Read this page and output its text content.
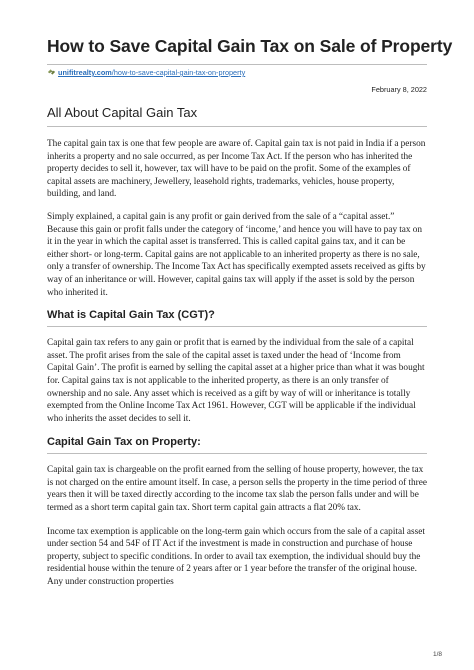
How to Save Capital Gain Tax on Sale of Property
unifitrealty.com/how-to-save-capital-gain-tax-on-property
February 8, 2022
All About Capital Gain Tax

The capital gain tax is one that few people are aware of. Capital gain tax is not paid in India if a person inherits a property and no sale occurred, as per Income Tax Act. If the person who has inherited the property decides to sell it, however, tax will have to be paid on the profit. Some of the examples of capital assets are machinery, Jewellery, leasehold rights, trademarks, vehicles, house property, building, and land.

Simply explained, a capital gain is any profit or gain derived from the sale of a “capital asset.” Because this gain or profit falls under the category of ‘income,’ and hence you will have to pay tax on it in the year in which the capital asset is transferred. This is called capital gains tax, and it can be either short- or long-term. Capital gains are not applicable to an inherited property as there is no sale, only a transfer of ownership. The Income Tax Act has specifically exempted assets received as gifts by way of an inheritance or will. However, capital gains tax will apply if the asset is sold by the person who inherited it.

What is Capital Gain Tax (CGT)?

Capital gain tax refers to any gain or profit that is earned by the individual from the sale of a capital asset. The profit arises from the sale of the capital asset is taxed under the head of ‘Income from Capital Gain’. The profit is earned by selling the capital asset at a higher price than what it was bought for. Capital gains tax is not applicable to the inherited property, as there is an only transfer of ownership and no sale. Any asset which is received as a gift by way of will or inheritance is totally exempted from the Online Income Tax Act 1961. However, CGT will be applicable if the individual who inherits the asset decides to sell it.

Capital Gain Tax on Property:

Capital gain tax is chargeable on the profit earned from the selling of house property, however, the tax is not charged on the entire amount itself. In case, a person sells the property in the time period of three years then it will be taxed directly according to the income tax slab the person falls under and will be termed as a short term capital gain tax. Short term capital gain attracts a flat 20% tax.

Income tax exemption is applicable on the long-term gain which occurs from the sale of a capital asset under section 54 and 54F of IT Act if the investment is made in construction and purchase of house property, subject to specific conditions. In order to avail tax exemption, the individual should buy the residential house within the tenure of 2 years after or 1 year before the transfer of the original house. Any under construction properties

1/8
